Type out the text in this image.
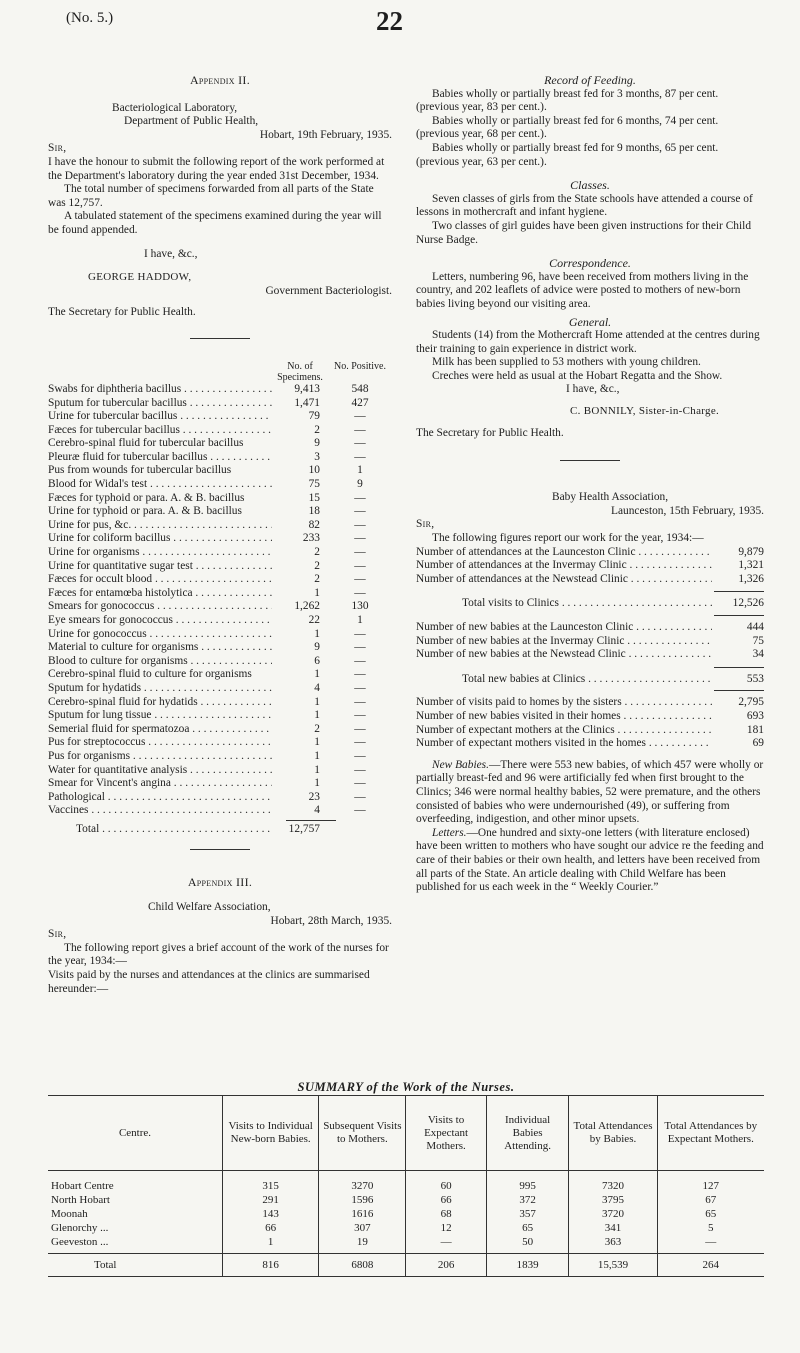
(No. 5.)	22

Appendix II.

Bacteriological Laboratory,

Department of Public Health,

Hobart, 19th February, 1935.

Sir,

I have the honour to submit the following report of the work performed at the Department's laboratory during the year ended 31st December, 1934.

The total number of specimens forwarded from all parts of the State was 12,757.

A tabulated statement of the specimens examined during the year will be found appended.

I have, &c.,

GEORGE HADDOW,

Government Bacteriologist.

The Secretary for Public Health.

No. of Specimens.
No. Positive.
Swabs for diphtheria bacillus . . .	9,413	548
Sputum for tubercular bacillus . . .	1,471	427
Urine for tubercular bacillus . . .	79	—
Fæces for tubercular bacillus . . .	2	—
Cerebro-spinal fluid for tubercular bacillus	9	—
Pleuræ fluid for tubercular bacillus . . .	3	—
Pus from wounds for tubercular bacillus	10	1
Blood for Widal's test . . .	75	9
Fæces for typhoid or para. A. & B. bacillus	15	—
Urine for typhoid or para. A. & B. bacillus	18	—
Urine for pus, &c. . . .	82	—
Urine for coliform bacillus . . .	233	—
Urine for organisms . . .	2	—
Urine for quantitative sugar test . . .	2	—
Fæces for occult blood . . .	2	—
Fæces for entamœba histolytica . . .	1	—
Smears for gonococcus . . .	1,262	130
Eye smears for gonococcus . . .	22	1
Urine for gonococcus . . .	1	—
Material to culture for organisms . . .	9	—
Blood to culture for organisms . . .	6	—
Cerebro-spinal fluid to culture for organisms	1	—
Sputum for hydatids . . .	4	—
Cerebro-spinal fluid for hydatids . . .	1	—
Sputum for lung tissue . . .	1	—
Semerial fluid for spermatozoa . . .	2	—
Pus for streptococcus . . .	1	—
Pus for organisms . . .	1	—
Water for quantitative analysis . . .	1	—
Smear for Vincent's angina . . .	1	—
Pathological . . .	23	—
Vaccines . . .	4	—
Total . . .	12,757

Appendix III.

Child Welfare Association,

Hobart, 28th March, 1935.

Sir,

The following report gives a brief account of the work of the nurses for the year, 1934:—

Visits paid by the nurses and attendances at the clinics are summarised hereunder:—

Record of Feeding.

Babies wholly or partially breast fed for 3 months, 87 per cent. (previous year, 83 per cent.).

Babies wholly or partially breast fed for 6 months, 74 per cent. (previous year, 68 per cent.).

Babies wholly or partially breast fed for 9 months, 65 per cent. (previous year, 63 per cent.).

Classes.

Seven classes of girls from the State schools have attended a course of lessons in mothercraft and infant hygiene.

Two classes of girl guides have been given instructions for their Child Nurse Badge.

Correspondence.

Letters, numbering 96, have been received from mothers living in the country, and 202 leaflets of advice were posted to mothers of new-born babies living beyond our visiting area.

General.

Students (14) from the Mothercraft Home attended at the centres during their training to gain experience in district work.

Milk has been supplied to 53 mothers with young children.

Creches were held as usual at the Hobart Regatta and the Show.

I have, &c.,

C. BONNILY, Sister-in-Charge.

The Secretary for Public Health.

Baby Health Association,

Launceston, 15th February, 1935.

Sir,

The following figures report our work for the year, 1934:—

Number of attendances at the Launceston Clinic . . .	9,879
Number of attendances at the Invermay Clinic . . .	1,321
Number of attendances at the Newstead Clinic . . .	1,326
Total visits to Clinics . . .	12,526
Number of new babies at the Launceston Clinic . . .	444
Number of new babies at the Invermay Clinic . . .	75
Number of new babies at the Newstead Clinic . . .	34
Total new babies at Clinics . . .	553
Number of visits paid to homes by the sisters . . .	2,795
Number of new babies visited in their homes . . .	693
Number of expectant mothers at the Clinics . . .	181
Number of expectant mothers visited in the homes . . .	69

New Babies.—There were 553 new babies, of which 457 were wholly or partially breast-fed and 96 were artificially fed when first brought to the Clinics; 346 were normal healthy babies, 52 were premature, and the others consisted of babies who were undernourished (49), or suffering from overfeeding, indigestion, and other minor upsets.

Letters.—One hundred and sixty-one letters (with literature enclosed) have been written to mothers who have sought our advice re the feeding and care of their babies or their own health, and letters have been received from all parts of the State. An article dealing with Child Welfare has been published for us each week in the “ Weekly Courier.”

SUMMARY of the Work of the Nurses.
Centre.	Visits to Individual New-born Babies.	Subsequent Visits to Mothers.	Visits to Expectant Mothers.	Individual Babies Attending.	Total Attendances by Babies.	Total Attendances by Expectant Mothers.
Hobart Centre	315	3270	60	995	7320	127
North Hobart	291	1596	66	372	3795	67
Moonah	143	1616	68	357	3720	65
Glenorchy ...	66	307	12	65	341	5
Geeveston ...	1	19	—	50	363	—
Total	816	6808	206	1839	15,539	264
